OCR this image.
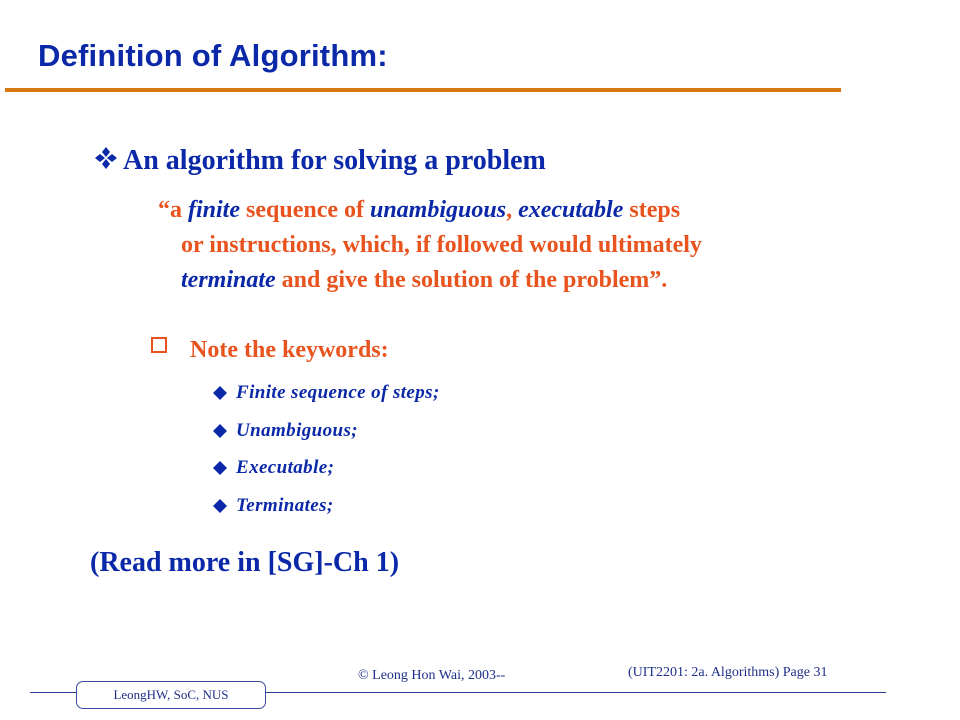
Definition of Algorithm:
An algorithm for solving a problem
“a finite sequence of unambiguous, executable steps
or instructions, which, if followed would ultimately
terminate and give the solution of the problem”.
Note the keywords:
Finite sequence of steps;
Unambiguous;
Executable;
Terminates;
(Read more in [SG]-Ch 1)
© Leong Hon Wai, 2003--	(UIT2201: 2a. Algorithms) Page 31
LeongHW, SoC, NUS
